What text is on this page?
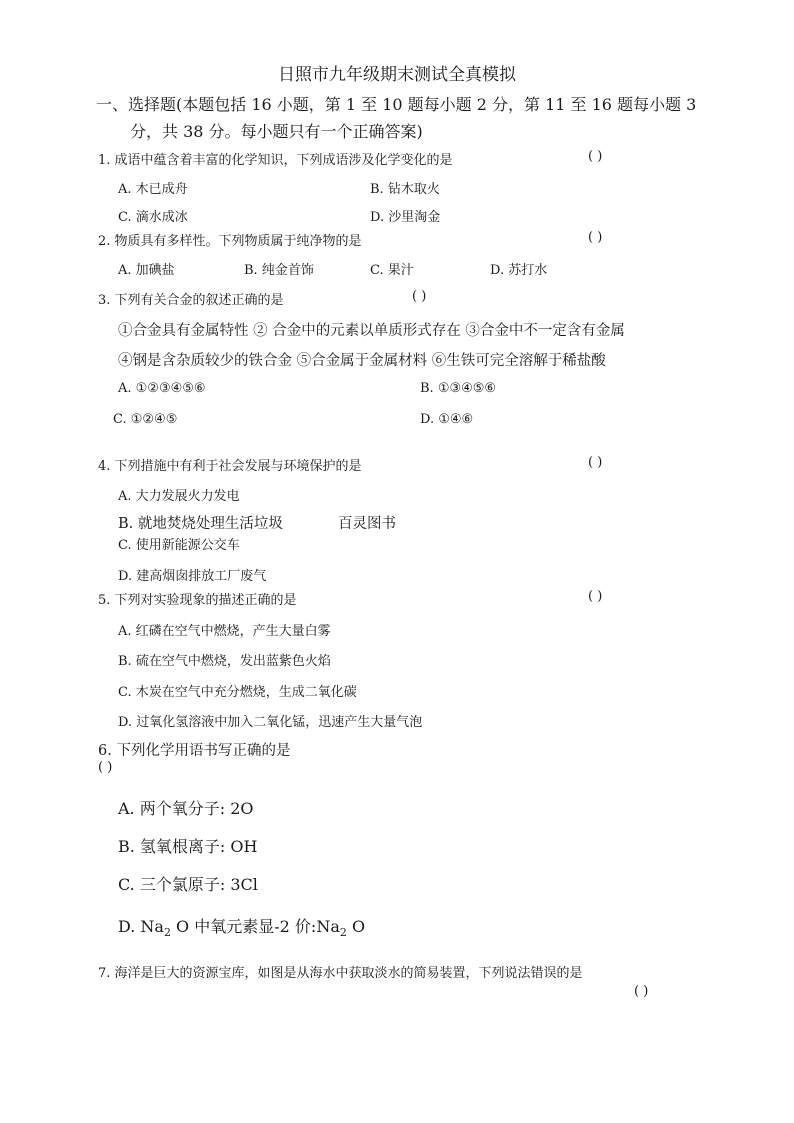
日照市九年级期末测试全真模拟
一、选择题(本题包括 16 小题，第 1 至 10 题每小题 2 分，第 11 至 16 题每小题 3
分，共 38 分。每小题只有一个正确答案)
1. 成语中蕴含着丰富的化学知识，下列成语涉及化学变化的是	( )
A. 木已成舟	B. 钻木取火
C. 滴水成冰	D. 沙里淘金
2. 物质具有多样性。下列物质属于纯净物的是	( )
A. 加碘盐	B. 纯金首饰	C. 果汁	D. 苏打水
3. 下列有关合金的叙述正确的是	( )
①合金具有金属特性 ② 合金中的元素以单质形式存在 ③合金中不一定含有金属
④钢是含杂质较少的铁合金 ⑤合金属于金属材料 ⑥生铁可完全溶解于稀盐酸
A. ①②③④⑤⑥	B. ①③④⑤⑥
C. ①②④⑤	D. ①④⑥
4. 下列措施中有利于社会发展与环境保护的是	( )
A. 大力发展火力发电
B. 就地焚烧处理生活垃圾	百灵图书
C. 使用新能源公交车
D. 建高烟囱排放工厂废气
5. 下列对实验现象的描述正确的是	( )
A. 红磷在空气中燃烧，产生大量白雾
B. 硫在空气中燃烧，发出蓝紫色火焰
C. 木炭在空气中充分燃烧，生成二氧化碳
D. 过氧化氢溶液中加入二氧化锰，迅速产生大量气泡
6. 下列化学用语书写正确的是
( )
A. 两个氧分子: 2O
B. 氢氧根离子: OH
C. 三个氯原子: 3Cl
D. $Na_2$ O 中氧元素显-2 价$:Na_2$ O
7. 海洋是巨大的资源宝库，如图是从海水中获取淡水的简易装置，下列说法错误的是
( )
